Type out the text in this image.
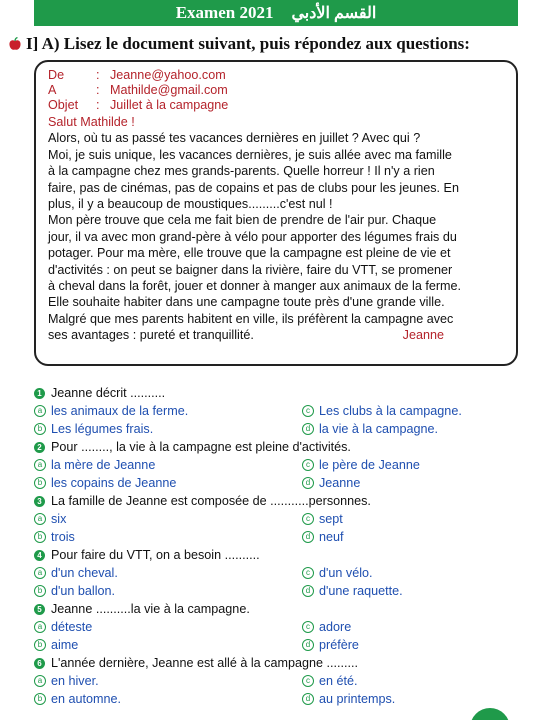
Examen 2021 القسم الأدبي
I] A) Lisez le document suivant, puis répondez aux questions:
De	: Jeanne@yahoo.com
A	: Mathilde@gmail.com
Objet	: Juillet à la campagne
Salut Mathilde !
Alors, où tu as passé tes vacances dernières en juillet ? Avec qui ?
Moi, je suis unique, les vacances dernières, je suis allée avec ma famille
à la campagne chez mes grands-parents. Quelle horreur ! Il n'y a rien
faire, pas de cinémas, pas de copains et pas de clubs pour les jeunes. En
plus, il y a beaucoup de moustiques.........c'est nul !
Mon père trouve que cela me fait bien de prendre de l'air pur. Chaque
jour, il va avec mon grand-père à vélo pour apporter des légumes frais du
potager. Pour ma mère, elle trouve que la campagne est pleine de vie et
d'activités : on peut se baigner dans la rivière, faire du VTT, se promener
à cheval dans la forêt, jouer et donner à manger aux animaux de la ferme.
Elle souhaite habiter dans une campagne toute près d'une grande ville.
Malgré que mes parents habitent en ville, ils préfèrent la campagne avec
ses avantages : pureté et tranquillité.	Jeanne
1 Jeanne décrit ..........
a les animaux de la ferme.	c Les clubs à la campagne.
b Les légumes frais.	d la vie à la campagne.
2 Pour ........, la vie à la campagne est pleine d'activités.
a la mère de Jeanne	c le père de Jeanne
b les copains de Jeanne	d Jeanne
3 La famille de Jeanne est composée de ...........personnes.
a six	c sept
b trois	d neuf
4 Pour faire du VTT, on a besoin ..........
a d'un cheval.	c d'un vélo.
b d'un ballon.	d d'une raquette.
5 Jeanne ..........la vie à la campagne.
a déteste	c adore
b aime	d préfère
6 L'année dernière, Jeanne est allé à la campagne .........
a en hiver.	c en été.
b en automne.	d au printemps.
